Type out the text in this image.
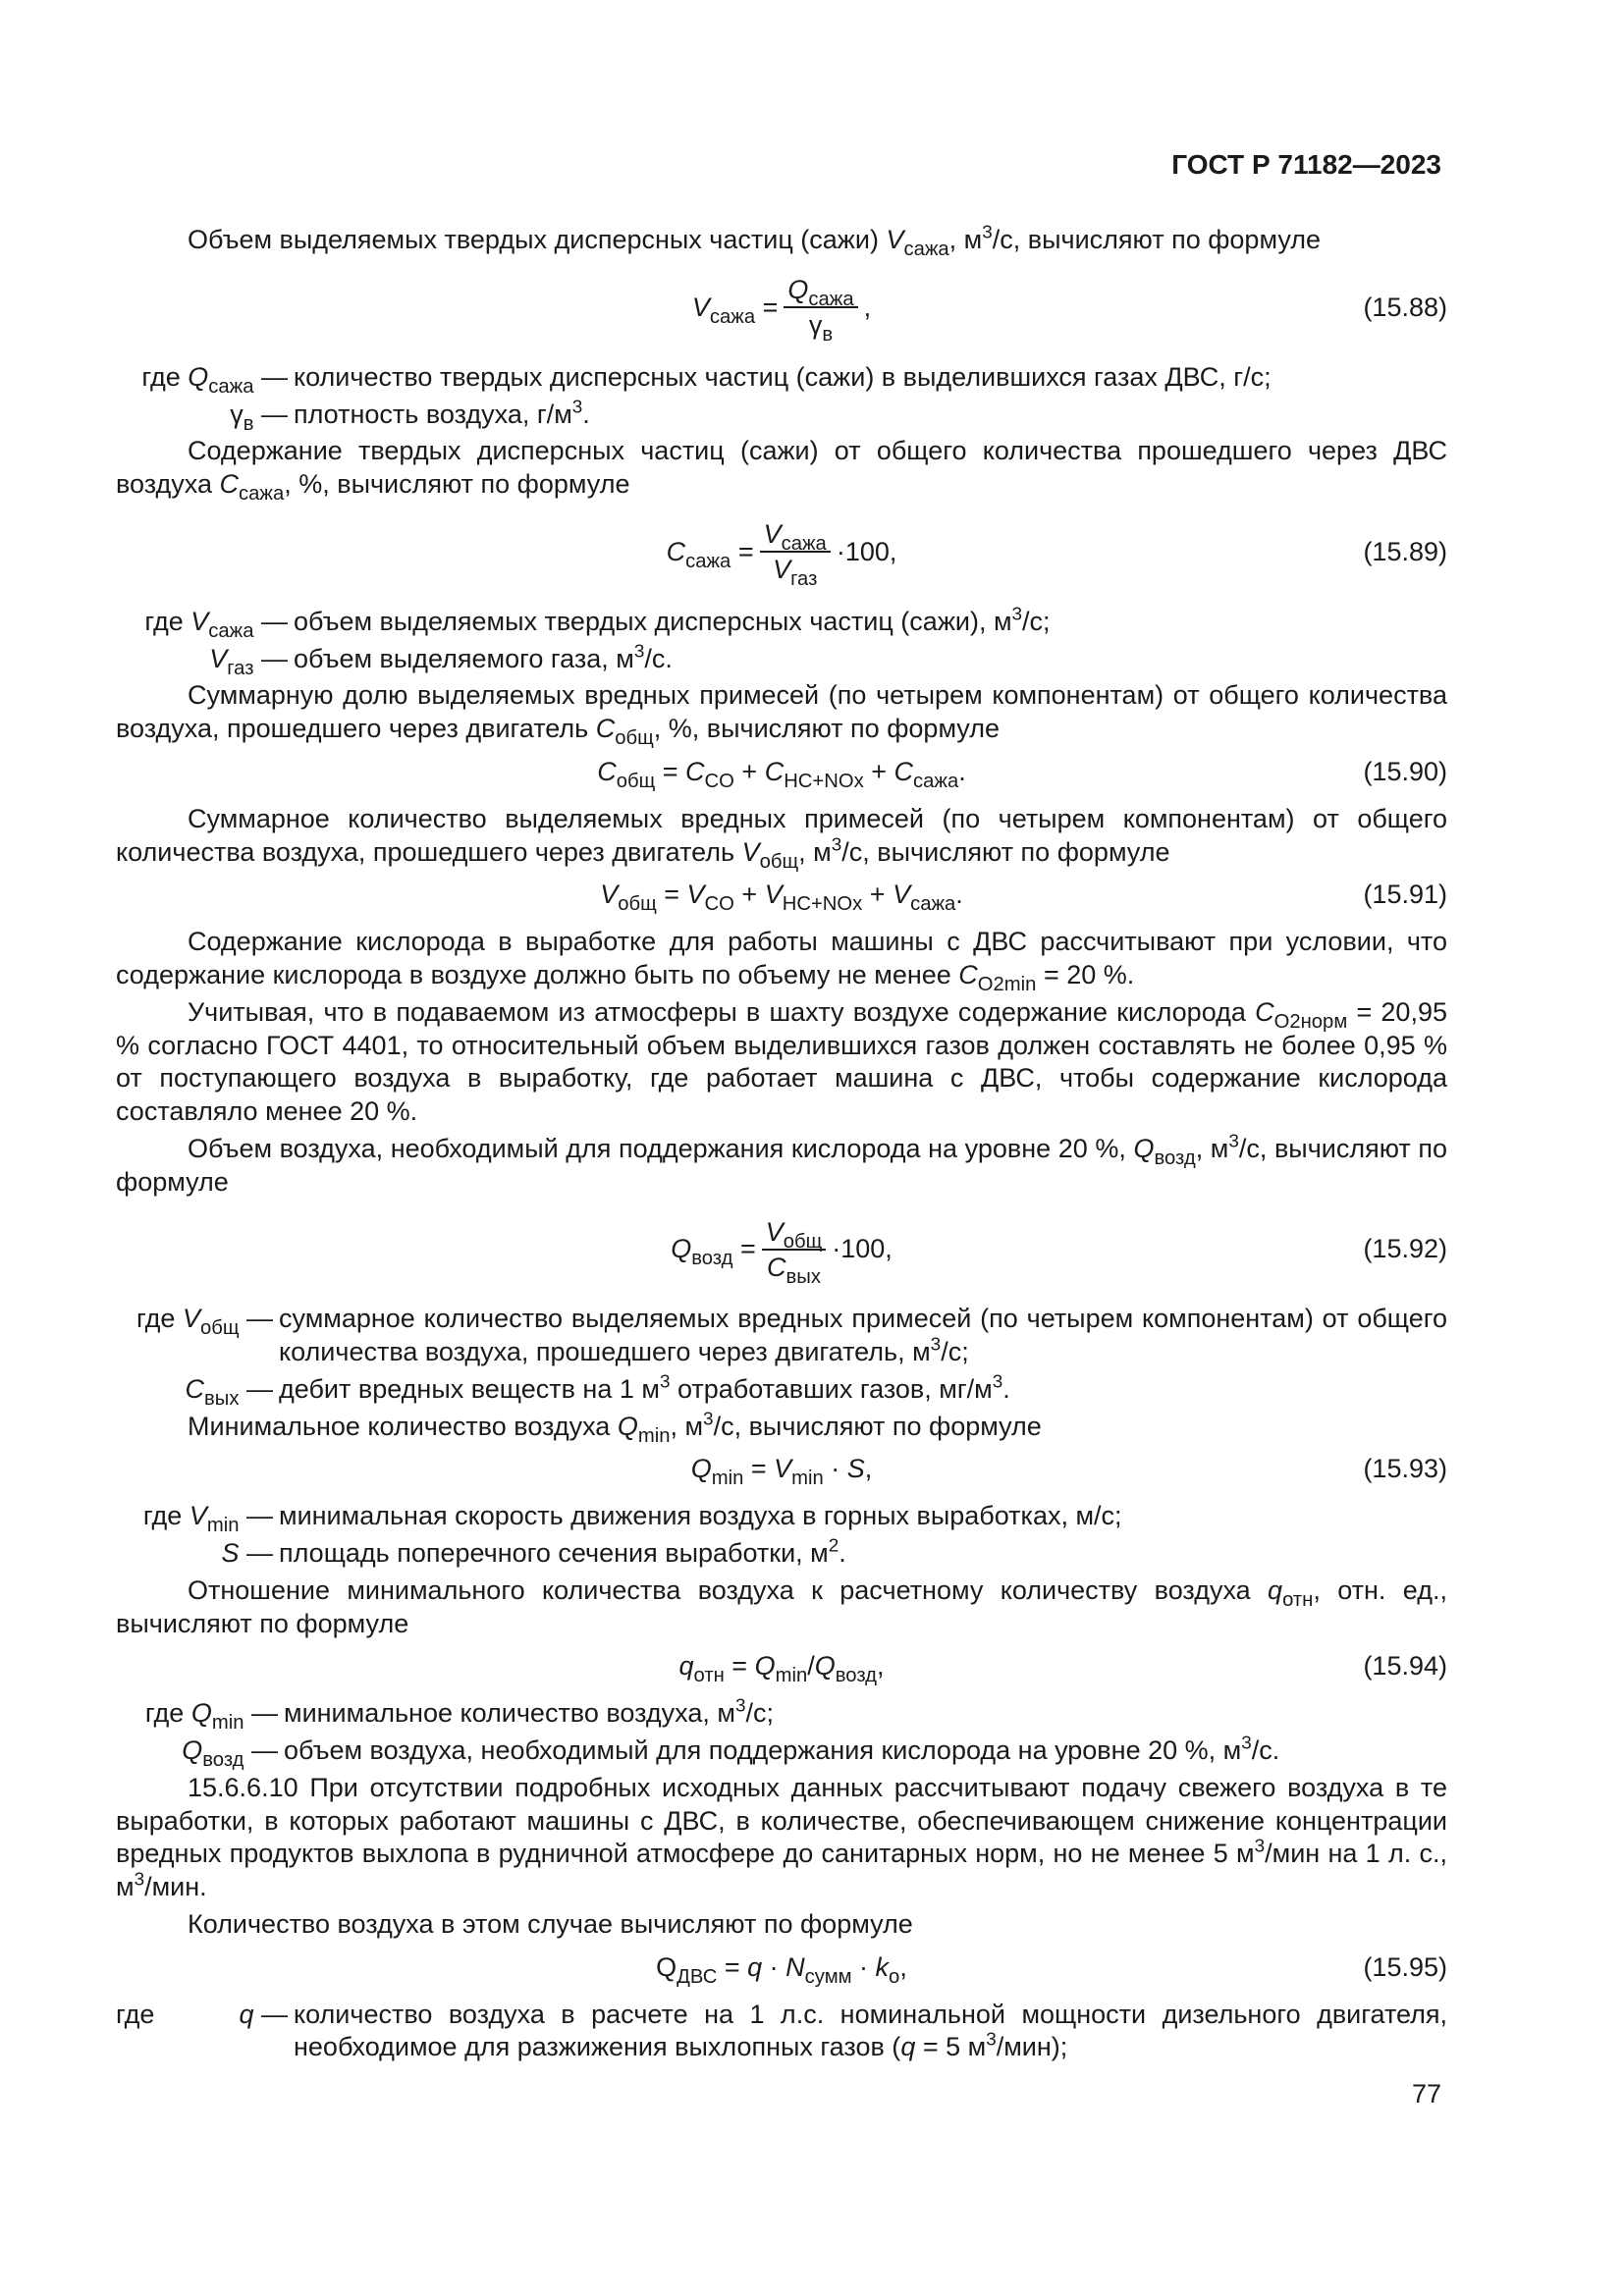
ГОСТ Р 71182—2023
Объем выделяемых твердых дисперсных частиц (сажи) $V_{сажа}$, $м^3/с$, вычисляют по формуле
$V_{сажа} = \frac{Q_{сажа}}{\gamma_в}$ ,	(15.88)
где $Q_{сажа}$ — количество твердых дисперсных частиц (сажи) в выделившихся газах ДВС, г/с;
$\gamma_в$ — плотность воздуха, $г/м^3$.
Содержание твердых дисперсных частиц (сажи) от общего количества прошедшего через ДВС воздуха $C_{сажа}$, %, вычисляют по формуле
$C_{сажа} = \frac{V_{сажа}}{V_{газ}} \cdot 100$,	(15.89)
где $V_{сажа}$ — объем выделяемых твердых дисперсных частиц (сажи), $м^3/с$;
$V_{газ}$ — объем выделяемого газа, $м^3/с$.
Суммарную долю выделяемых вредных примесей (по четырем компонентам) от общего количества воздуха, прошедшего через двигатель $C_{общ}$, %, вычисляют по формуле
$C_{общ} = C_{CO} + C_{HC+NOx} + C_{сажа}$.	(15.90)
Суммарное количество выделяемых вредных примесей (по четырем компонентам) от общего количества воздуха, прошедшего через двигатель $V_{общ}$, $м^3/с$, вычисляют по формуле
$V_{общ} = V_{CO} + V_{HC+NOx} + V_{сажа}$.	(15.91)
Содержание кислорода в выработке для работы машины с ДВС рассчитывают при условии, что содержание кислорода в воздухе должно быть по объему не менее $C_{O2min} = 20$ %.
Учитывая, что в подаваемом из атмосферы в шахту воздухе содержание кислорода $C_{O2норм} = 20,95$ % согласно ГОСТ 4401, то относительный объем выделившихся газов должен составлять не более 0,95 % от поступающего воздуха в выработку, где работает машина с ДВС, чтобы содержание кислорода составляло менее 20 %.
Объем воздуха, необходимый для поддержания кислорода на уровне 20 %, $Q_{возд}$, $м^3/с$, вычисляют по формуле
$Q_{возд} = \frac{V_{общ}}{C_{вых}} \cdot 100$,	(15.92)
где $V_{общ}$ — суммарное количество выделяемых вредных примесей (по четырем компонентам) от общего количества воздуха, прошедшего через двигатель, $м^3/с$;
$C_{вых}$ — дебит вредных веществ на 1 $м^3$ отработавших газов, $мг/м^3$.
Минимальное количество воздуха $Q_{min}$, $м^3/с$, вычисляют по формуле
$Q_{min} = V_{min} \cdot S$,	(15.93)
где $V_{min}$ — минимальная скорость движения воздуха в горных выработках, м/с;
S — площадь поперечного сечения выработки, $м^2$.
Отношение минимального количества воздуха к расчетному количеству воздуха $q_{отн}$, отн. ед., вычисляют по формуле
$q_{отн} = Q_{min}/Q_{возд}$,	(15.94)
где $Q_{min}$ — минимальное количество воздуха, $м^3/с$;
$Q_{возд}$ — объем воздуха, необходимый для поддержания кислорода на уровне 20 %, $м^3/с$.
15.6.6.10 При отсутствии подробных исходных данных рассчитывают подачу свежего воздуха в те выработки, в которых работают машины с ДВС, в количестве, обеспечивающем снижение концентрации вредных продуктов выхлопа в рудничной атмосфере до санитарных норм, но не менее 5 $м^3$/мин на 1 л. с., $м^3$/мин.
Количество воздуха в этом случае вычисляют по формуле
$Q_{ДВС} = q \cdot N_{сумм} \cdot k_о$,	(15.95)
где	q — количество воздуха в расчете на 1 л.с. номинальной мощности дизельного двигателя, необходимое для разжижения выхлопных газов (q = 5 $м^3/мин$);
77
